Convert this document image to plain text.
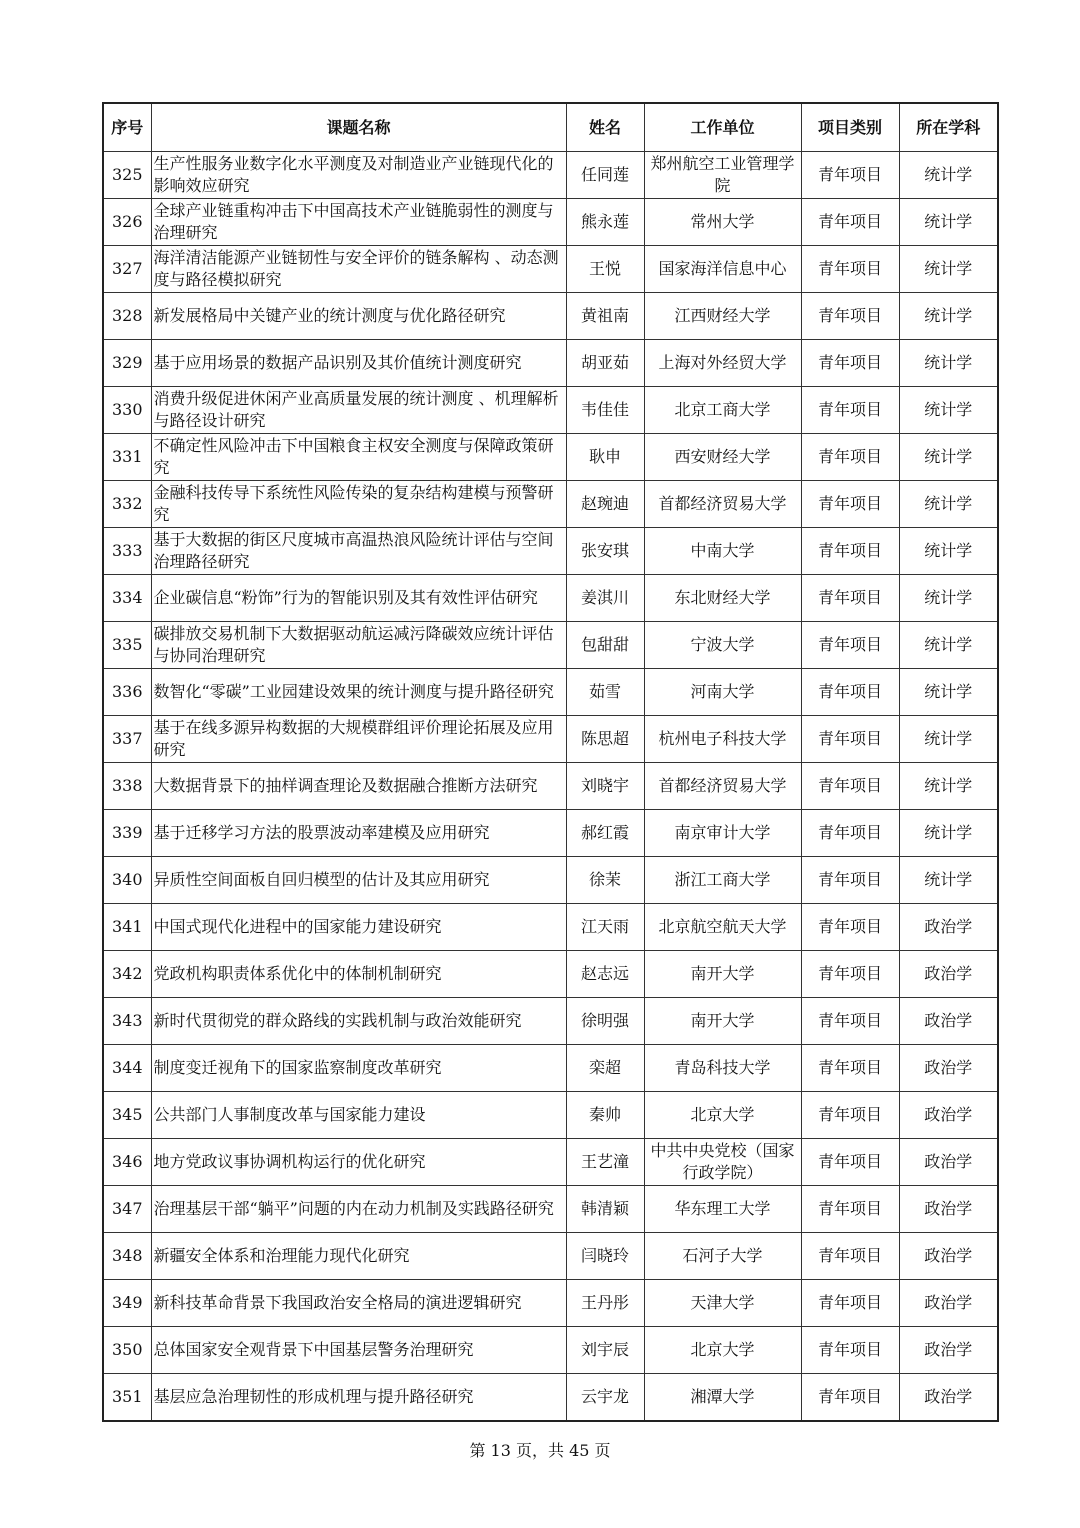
序号	课题名称	姓名	工作单位	项目类别	所在学科
325	生产性服务业数字化水平测度及对制造业产业链现代化的影响效应研究	任同莲	郑州航空工业管理学院	青年项目	统计学
326	全球产业链重构冲击下中国高技术产业链脆弱性的测度与治理研究	熊永莲	常州大学	青年项目	统计学
327	海洋清洁能源产业链韧性与安全评价的链条解构 、动态测度与路径模拟研究	王悦	国家海洋信息中心	青年项目	统计学
328	新发展格局中关键产业的统计测度与优化路径研究	黄祖南	江西财经大学	青年项目	统计学
329	基于应用场景的数据产品识别及其价值统计测度研究	胡亚茹	上海对外经贸大学	青年项目	统计学
330	消费升级促进休闲产业高质量发展的统计测度 、机理解析与路径设计研究	韦佳佳	北京工商大学	青年项目	统计学
331	不确定性风险冲击下中国粮食主权安全测度与保障政策研究	耿申	西安财经大学	青年项目	统计学
332	金融科技传导下系统性风险传染的复杂结构建模与预警研究	赵琬迪	首都经济贸易大学	青年项目	统计学
333	基于大数据的街区尺度城市高温热浪风险统计评估与空间治理路径研究	张安琪	中南大学	青年项目	统计学
334	企业碳信息“粉饰”行为的智能识别及其有效性评估研究	姜淇川	东北财经大学	青年项目	统计学
335	碳排放交易机制下大数据驱动航运减污降碳效应统计评估与协同治理研究	包甜甜	宁波大学	青年项目	统计学
336	数智化“零碳”工业园建设效果的统计测度与提升路径研究	茹雪	河南大学	青年项目	统计学
337	基于在线多源异构数据的大规模群组评价理论拓展及应用研究	陈思超	杭州电子科技大学	青年项目	统计学
338	大数据背景下的抽样调查理论及数据融合推断方法研究	刘晓宇	首都经济贸易大学	青年项目	统计学
339	基于迁移学习方法的股票波动率建模及应用研究	郝红霞	南京审计大学	青年项目	统计学
340	异质性空间面板自回归模型的估计及其应用研究	徐茉	浙江工商大学	青年项目	统计学
341	中国式现代化进程中的国家能力建设研究	江天雨	北京航空航天大学	青年项目	政治学
342	党政机构职责体系优化中的体制机制研究	赵志远	南开大学	青年项目	政治学
343	新时代贯彻党的群众路线的实践机制与政治效能研究	徐明强	南开大学	青年项目	政治学
344	制度变迁视角下的国家监察制度改革研究	栾超	青岛科技大学	青年项目	政治学
345	公共部门人事制度改革与国家能力建设	秦帅	北京大学	青年项目	政治学
346	地方党政议事协调机构运行的优化研究	王艺潼	中共中央党校（国家行政学院）	青年项目	政治学
347	治理基层干部“躺平”问题的内在动力机制及实践路径研究	韩清颖	华东理工大学	青年项目	政治学
348	新疆安全体系和治理能力现代化研究	闫晓玲	石河子大学	青年项目	政治学
349	新科技革命背景下我国政治安全格局的演进逻辑研究	王丹彤	天津大学	青年项目	政治学
350	总体国家安全观背景下中国基层警务治理研究	刘宇辰	北京大学	青年项目	政治学
351	基层应急治理韧性的形成机理与提升路径研究	云宇龙	湘潭大学	青年项目	政治学
第 13 页，共 45 页
